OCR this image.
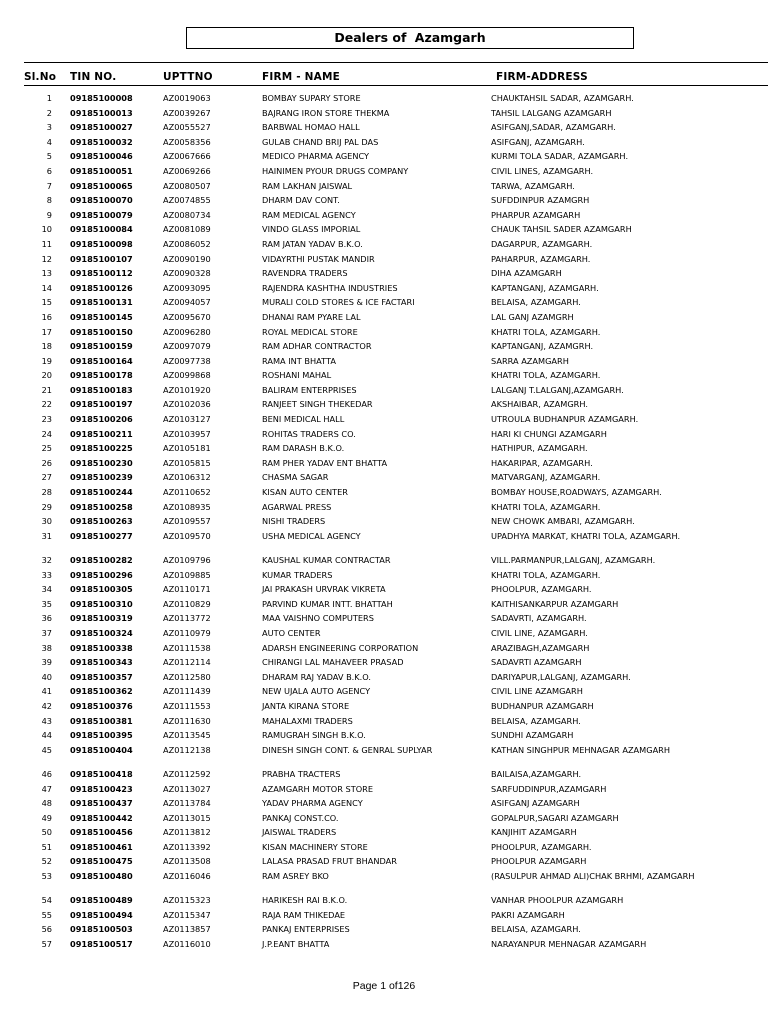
Dealers of Azamgarh
Sl.No TIN NO.	UPTTNO	FIRM - NAME	FIRM-ADDRESS
1 09185100008	AZ0019063	BOMBAY SUPARY STORE	CHAUKTAHSIL SADAR, AZAMGARH.
2 09185100013	AZ0039267	BAJRANG IRON STORE THEKMA	TAHSIL LALGANG AZAMGARH
3 09185100027	AZ0055527	BARBWAL HOMAO HALL	ASIFGANJ,SADAR, AZAMGARH.
4 09185100032	AZ0058356	GULAB CHAND BRIJ PAL DAS	ASIFGANJ, AZAMGARH.
5 09185100046	AZ0067666	MEDICO PHARMA AGENCY	KURMI TOLA SADAR, AZAMGARH.
6 09185100051	AZ0069266	HAINIMEN PYOUR DRUGS COMPANY	CIVIL LINES, AZAMGARH.
7 09185100065	AZ0080507	RAM LAKHAN JAISWAL	TARWA, AZAMGARH.
8 09185100070	AZ0074855	DHARM DAV CONT.	SUFDDINPUR AZAMGRH
9 09185100079	AZ0080734	RAM MEDICAL AGENCY	PHARPUR AZAMGARH
10 09185100084	AZ0081089	VINDO GLASS IMPORIAL	CHAUK TAHSIL SADER AZAMGARH
11 09185100098	AZ0086052	RAM JATAN YADAV B.K.O.	DAGARPUR, AZAMGARH.
12 09185100107	AZ0090190	VIDAYRTHI PUSTAK MANDIR	PAHARPUR, AZAMGARH.
13 09185100112	AZ0090328	RAVENDRA TRADERS	DIHA AZAMGARH
14 09185100126	AZ0093095	RAJENDRA KASHTHA INDUSTRIES	KAPTANGANJ, AZAMGARH.
15 09185100131	AZ0094057	MURALI COLD STORES & ICE FACTARI	BELAISA, AZAMGARH.
16 09185100145	AZ0095670	DHANAI RAM PYARE LAL	LAL GANJ AZAMGRH
17 09185100150	AZ0096280	ROYAL MEDICAL STORE	KHATRI TOLA, AZAMGARH.
18 09185100159	AZ0097079	RAM ADHAR CONTRACTOR	KAPTANGANJ, AZAMGRH.
19 09185100164	AZ0097738	RAMA INT BHATTA	SARRA AZAMGARH
20 09185100178	AZ0099868	ROSHANI MAHAL	KHATRI TOLA, AZAMGARH.
21 09185100183	AZ0101920	BALIRAM ENTERPRISES	LALGANJ T.LALGANJ,AZAMGARH.
22 09185100197	AZ0102036	RANJEET SINGH THEKEDAR	AKSHAIBAR, AZAMGRH.
23 09185100206	AZ0103127	BENI MEDICAL HALL	UTROULA BUDHANPUR AZAMGARH.
24 09185100211	AZ0103957	ROHITAS TRADERS CO.	HARI KI CHUNGI AZAMGARH
25 09185100225	AZ0105181	RAM DARASH B.K.O.	HATHIPUR, AZAMGARH.
26 09185100230	AZ0105815	RAM PHER YADAV ENT BHATTA	HAKARIPAR, AZAMGARH.
27 09185100239	AZ0106312	CHASMA SAGAR	MATVARGANJ, AZAMGARH.
28 09185100244	AZ0110652	KISAN AUTO CENTER	BOMBAY HOUSE,ROADWAYS, AZAMGARH.
29 09185100258	AZ0108935	AGARWAL PRESS	KHATRI TOLA, AZAMGARH.
30 09185100263	AZ0109557	NISHI TRADERS	NEW CHOWK AMBARI, AZAMGARH.
31 09185100277	AZ0109570	USHA MEDICAL AGENCY	UPADHYA MARKAT, KHATRI TOLA, AZAMGARH.
32 09185100282	AZ0109796	KAUSHAL KUMAR CONTRACTAR	VILL.PARMANPUR,LALGANJ, AZAMGARH.
33 09185100296	AZ0109885	KUMAR TRADERS	KHATRI TOLA, AZAMGARH.
34 09185100305	AZ0110171	JAI PRAKASH URVRAK VIKRETA	PHOOLPUR, AZAMGARH.
35 09185100310	AZ0110829	PARVIND KUMAR INTT. BHATTAH	KAITHISANKARPUR AZAMGARH
36 09185100319	AZ0113772	MAA VAISHNO COMPUTERS	SADAVRTI, AZAMGARH.
37 09185100324	AZ0110979	AUTO CENTER	CIVIL LINE, AZAMGARH.
38 09185100338	AZ0111538	ADARSH ENGINEERING CORPORATION	ARAZIBAGH,AZAMGARH
39 09185100343	AZ0112114	CHIRANGI LAL MAHAVEER PRASAD	SADAVRTI AZAMGARH
40 09185100357	AZ0112580	DHARAM RAJ YADAV B.K.O.	DARIYAPUR,LALGANJ, AZAMGARH.
41 09185100362	AZ0111439	NEW UJALA AUTO AGENCY	CIVIL LINE AZAMGARH
42 09185100376	AZ0111553	JANTA KIRANA STORE	BUDHANPUR AZAMGARH
43 09185100381	AZ0111630	MAHALAXMI TRADERS	BELAISA, AZAMGARH.
44 09185100395	AZ0113545	RAMUGRAH SINGH B.K.O.	SUNDHI AZAMGARH
45 09185100404	AZ0112138	DINESH SINGH CONT. & GENRAL SUPLYAR	KATHAN SINGHPUR MEHNAGAR AZAMGARH
46 09185100418	AZ0112592	PRABHA TRACTERS	BAILAISA,AZAMGARH.
47 09185100423	AZ0113027	AZAMGARH MOTOR STORE	SARFUDDINPUR,AZAMGARH
48 09185100437	AZ0113784	YADAV PHARMA AGENCY	ASIFGANJ AZAMGARH
49 09185100442	AZ0113015	PANKAJ CONST.CO.	GOPALPUR,SAGARI AZAMGARH
50 09185100456	AZ0113812	JAISWAL TRADERS	KANJIHIT AZAMGARH
51 09185100461	AZ0113392	KISAN MACHINERY STORE	PHOOLPUR, AZAMGARH.
52 09185100475	AZ0113508	LALASA PRASAD FRUT BHANDAR	PHOOLPUR AZAMGARH
53 09185100480	AZ0116046	RAM ASREY BKO	(RASULPUR AHMAD ALI)CHAK BRHMI, AZAMGARH
54 09185100489	AZ0115323	HARIKESH RAI B.K.O.	VANHAR PHOOLPUR AZAMGARH
55 09185100494	AZ0115347	RAJA RAM THIKEDAE	PAKRI AZAMGARH
56 09185100503	AZ0113857	PANKAJ ENTERPRISES	BELAISA, AZAMGARH.
57 09185100517	AZ0116010	J.P.EANT BHATTA	NARAYANPUR MEHNAGAR AZAMGARH
Page 1 of126
